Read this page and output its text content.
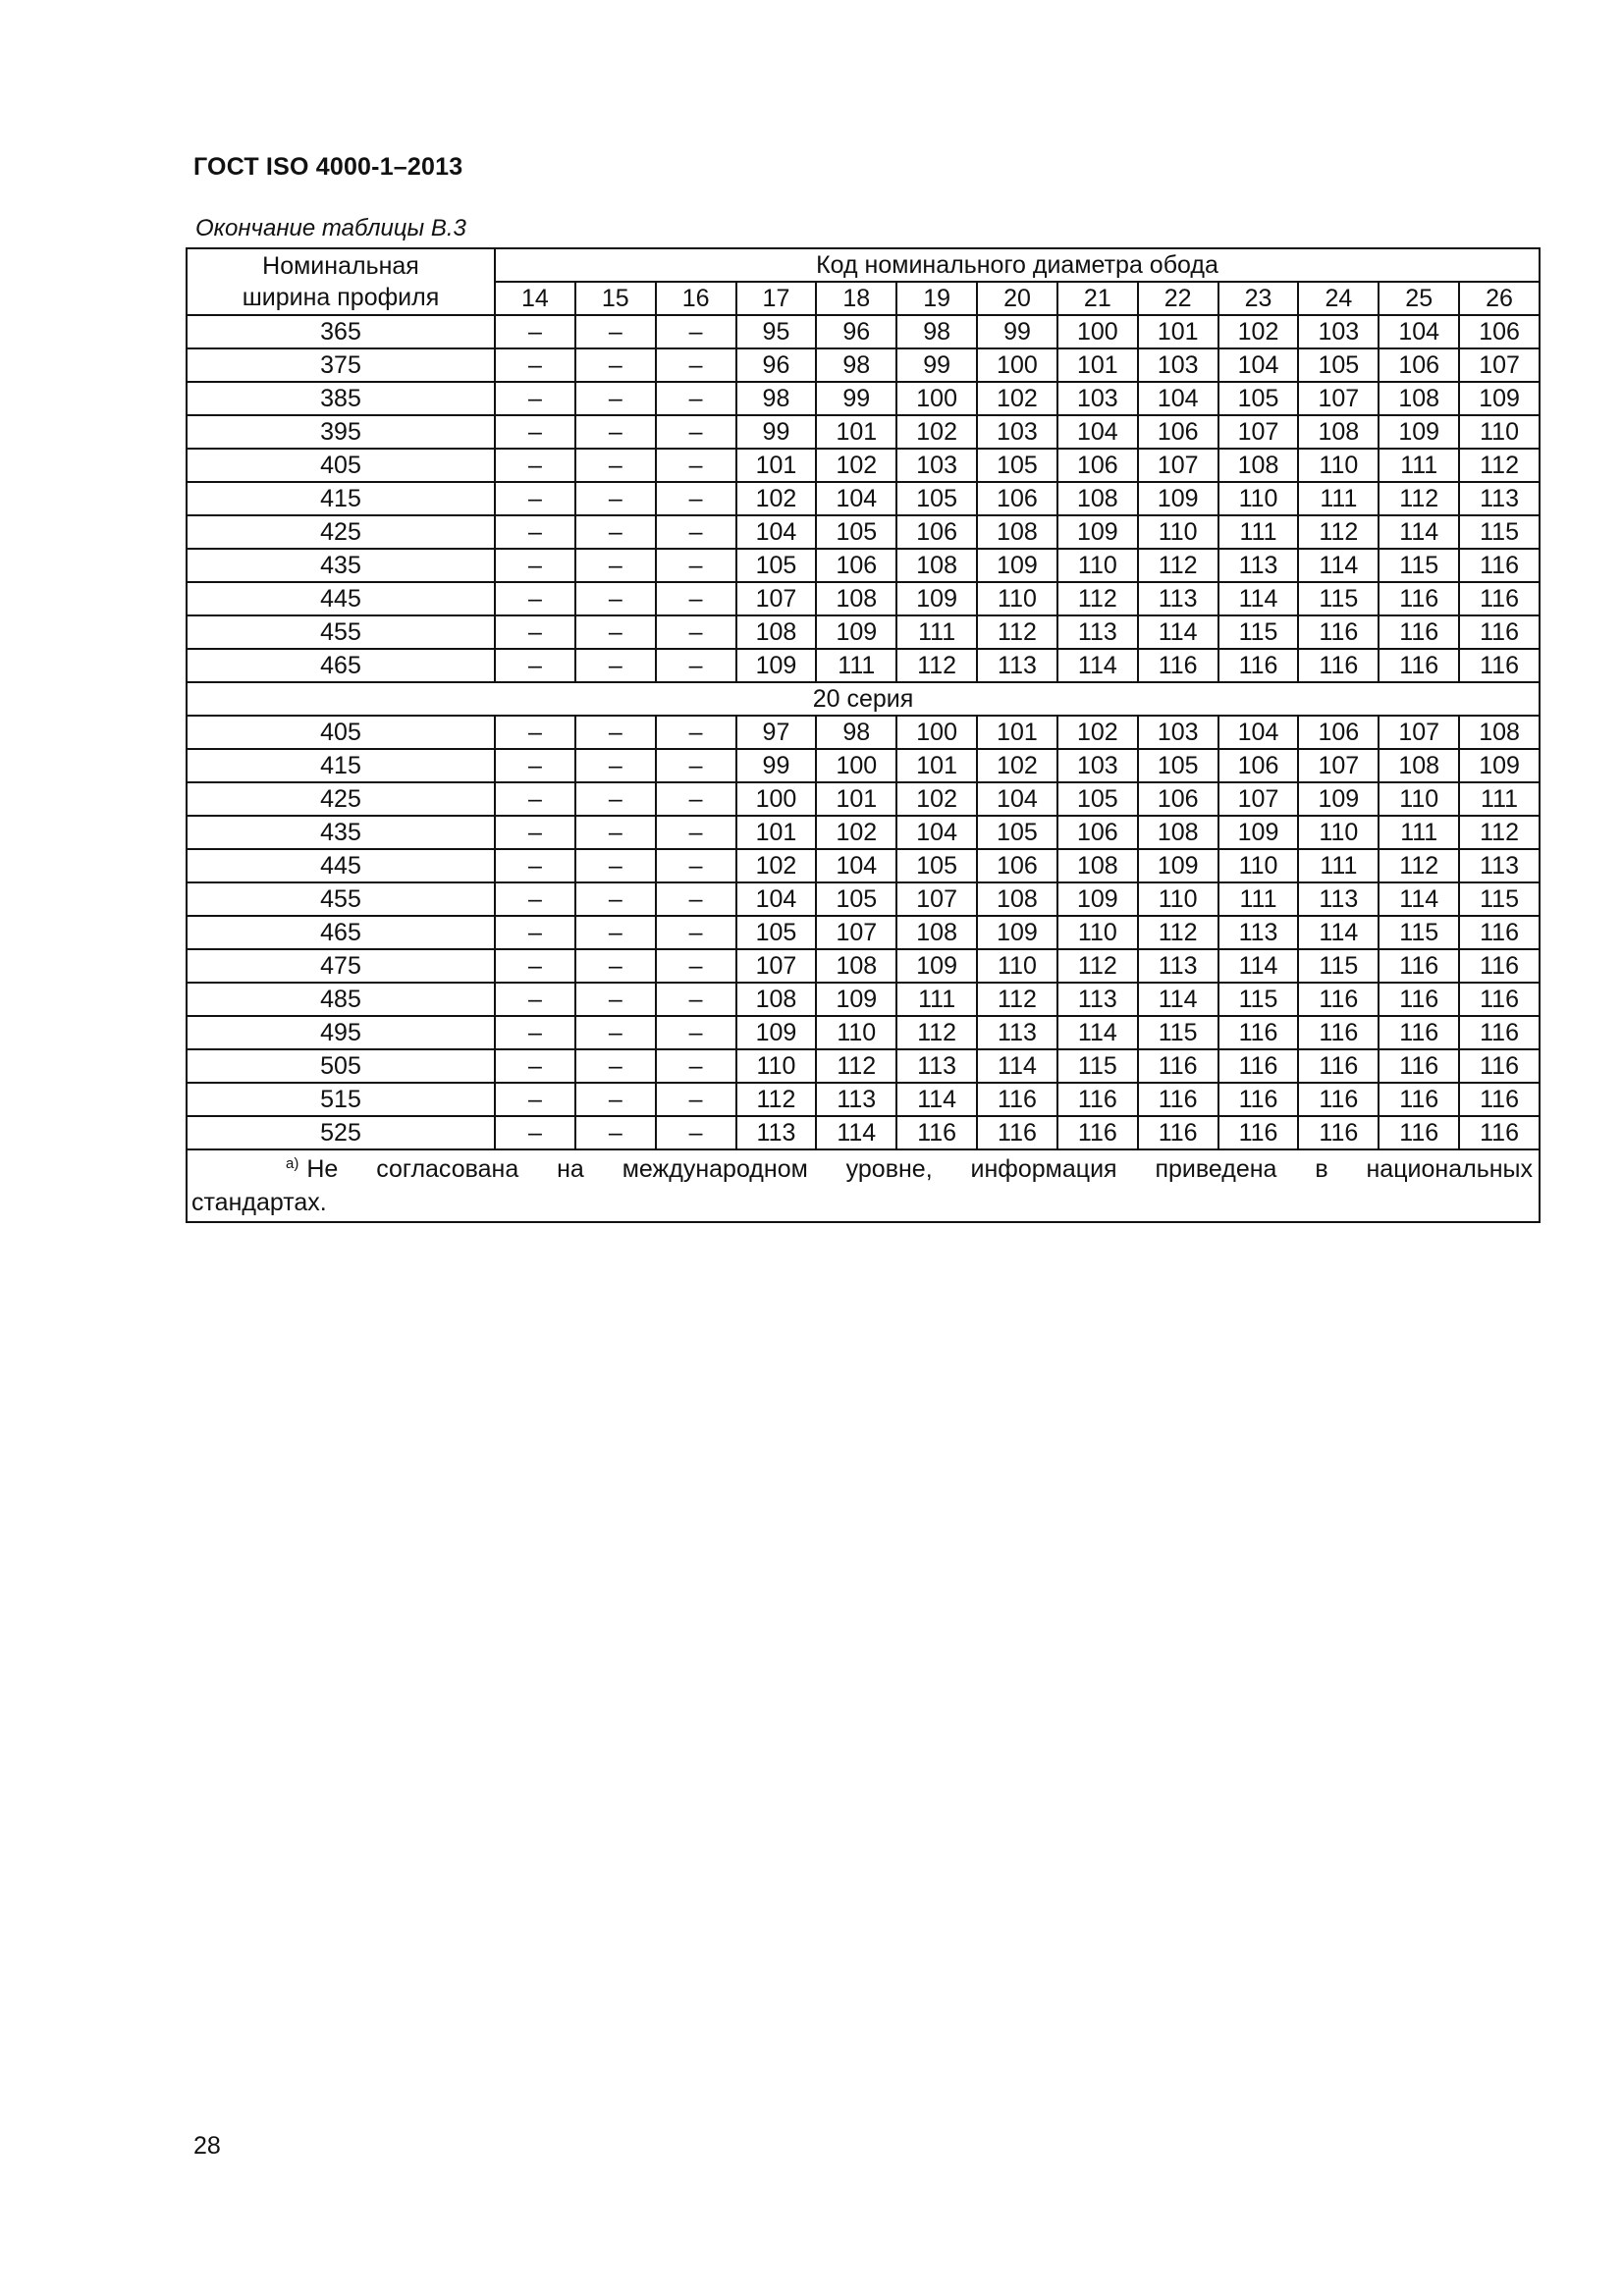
ГОСТ ISO 4000-1–2013
Окончание таблицы В.3
Номинальная
ширина профиля	Код номинального диаметра обода												
	14	15	16	17	18	19	20	21	22	23	24	25	26
365	–	–	–	95	96	98	99	100	101	102	103	104	106
375	–	–	–	96	98	99	100	101	103	104	105	106	107
385	–	–	–	98	99	100	102	103	104	105	107	108	109
395	–	–	–	99	101	102	103	104	106	107	108	109	110
405	–	–	–	101	102	103	105	106	107	108	110	111	112
415	–	–	–	102	104	105	106	108	109	110	111	112	113
425	–	–	–	104	105	106	108	109	110	111	112	114	115
435	–	–	–	105	106	108	109	110	112	113	114	115	116
445	–	–	–	107	108	109	110	112	113	114	115	116	116
455	–	–	–	108	109	111	112	113	114	115	116	116	116
465	–	–	–	109	111	112	113	114	116	116	116	116	116
20 серия													
405	–	–	–	97	98	100	101	102	103	104	106	107	108
415	–	–	–	99	100	101	102	103	105	106	107	108	109
425	–	–	–	100	101	102	104	105	106	107	109	110	111
435	–	–	–	101	102	104	105	106	108	109	110	111	112
445	–	–	–	102	104	105	106	108	109	110	111	112	113
455	–	–	–	104	105	107	108	109	110	111	113	114	115
465	–	–	–	105	107	108	109	110	112	113	114	115	116
475	–	–	–	107	108	109	110	112	113	114	115	116	116
485	–	–	–	108	109	111	112	113	114	115	116	116	116
495	–	–	–	109	110	112	113	114	115	116	116	116	116
505	–	–	–	110	112	113	114	115	116	116	116	116	116
515	–	–	–	112	113	114	116	116	116	116	116	116	116
525	–	–	–	113	114	116	116	116	116	116	116	116	116

$^{а)}$ Не согласована на международном уровне, информация приведена в национальных
стандартах.													
28
